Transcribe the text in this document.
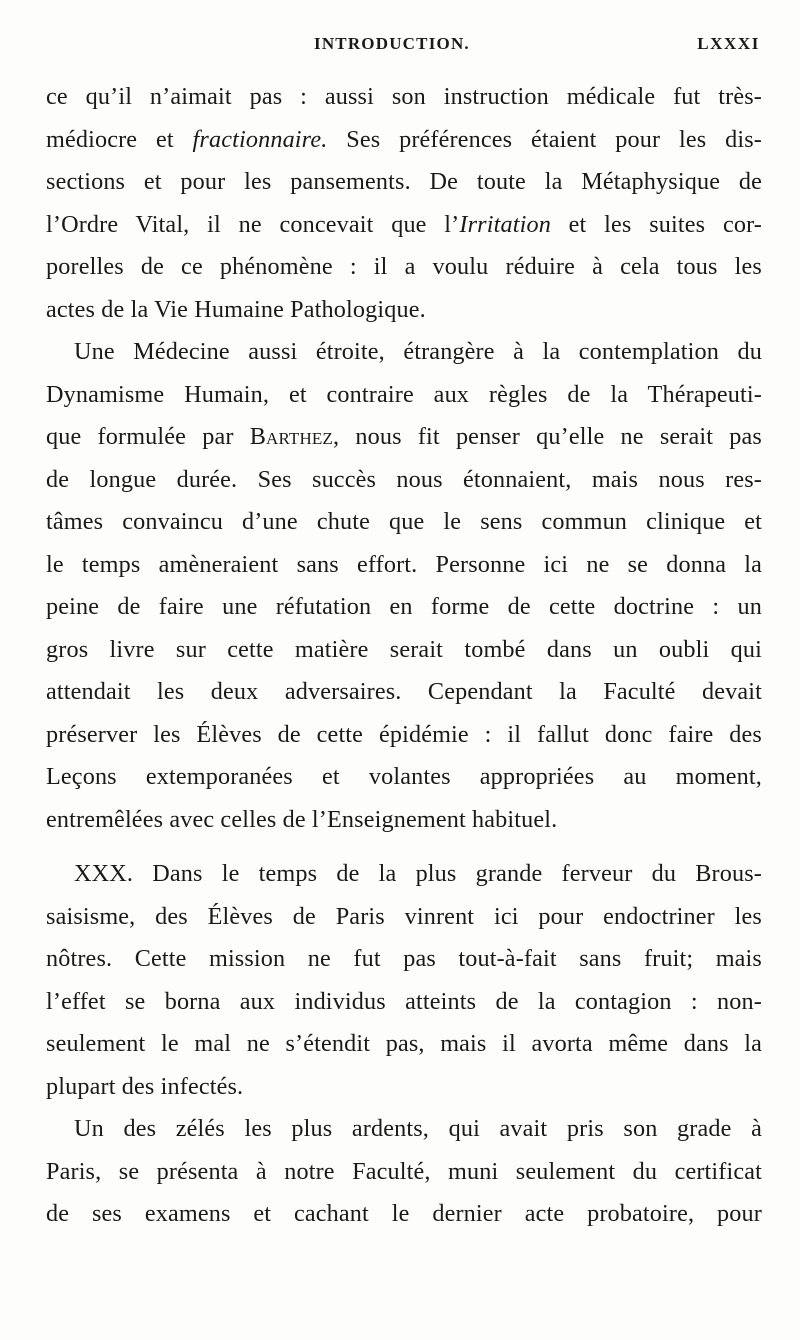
INTRODUCTION.	LXXXI
ce qu’il n’aimait pas : aussi son instruction médicale fut très-
médiocre et fractionnaire. Ses préférences étaient pour les dis-
sections et pour les pansements. De toute la Métaphysique de
l’Ordre Vital, il ne concevait que l’Irritation et les suites cor-
porelles de ce phénomène : il a voulu réduire à cela tous les
actes de la Vie Humaine Pathologique.
Une Médecine aussi étroite, étrangère à la contemplation du
Dynamisme Humain, et contraire aux règles de la Thérapeuti-
que formulée par Barthez, nous fit penser qu’elle ne serait pas
de longue durée. Ses succès nous étonnaient, mais nous res-
tâmes convaincu d’une chute que le sens commun clinique et
le temps amèneraient sans effort. Personne ici ne se donna la
peine de faire une réfutation en forme de cette doctrine : un
gros livre sur cette matière serait tombé dans un oubli qui
attendait les deux adversaires. Cependant la Faculté devait
préserver les Élèves de cette épidémie : il fallut donc faire des
Leçons extemporanées et volantes appropriées au moment,
entremêlées avec celles de l’Enseignement habituel.
XXX. Dans le temps de la plus grande ferveur du Brous-
saisisme, des Élèves de Paris vinrent ici pour endoctriner les
nôtres. Cette mission ne fut pas tout-à-fait sans fruit; mais
l’effet se borna aux individus atteints de la contagion : non-
seulement le mal ne s’étendit pas, mais il avorta même dans la
plupart des infectés.
Un des zélés les plus ardents, qui avait pris son grade à
Paris, se présenta à notre Faculté, muni seulement du certificat
de ses examens et cachant le dernier acte probatoire, pour
